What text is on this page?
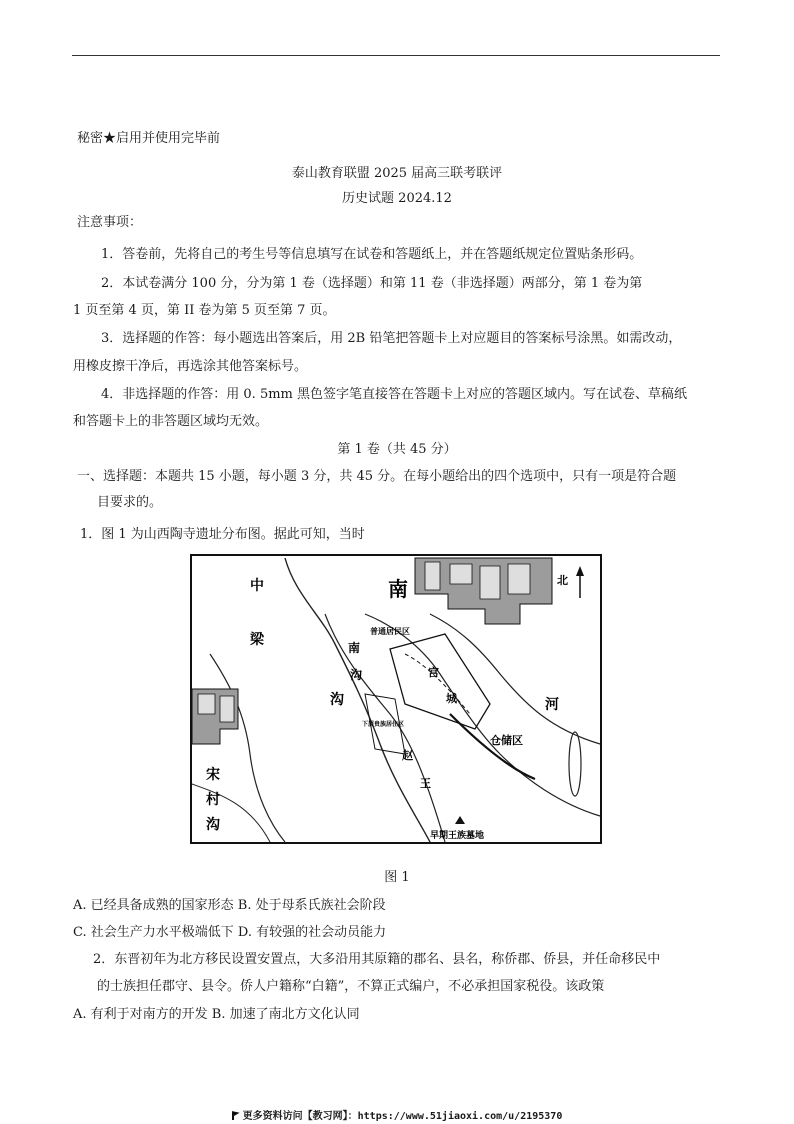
秘密★启用并使用完毕前
泰山教育联盟 2025 届高三联考联评
历史试题 2024.12
注意事项：
1．答卷前，先将自己的考生号等信息填写在试卷和答题纸上，并在答题纸规定位置贴条形码。
2．本试卷满分 100 分，分为第 1 卷（选择题）和第 11 卷（非选择题）两部分，第 1 卷为第
1 页至第 4 页，第 II 卷为第 5 页至第 7 页。
3．选择题的作答：每小题选出答案后，用 2B 铅笔把答题卡上对应题目的答案标号涂黑。如需改动，
用橡皮擦干净后，再选涂其他答案标号。
4．非选择题的作答：用 0. 5mm 黑色签字笔直接答在答题卡上对应的答题区域内。写在试卷、草稿纸
和答题卡上的非答题区域均无效。
第 1 卷（共 45 分）
一、选择题：本题共 15 小题，每小题 3 分，共 45 分。在每小题给出的四个选项中，只有一项是符合题
目要求的。
1．图 1 为山西陶寺遗址分布图。据此可知，当时
北
南
中
梁	南
沟
沟	河
宋
村
沟
赵
王
宫
城
普通居民区
仓储区
下层贵族居住区
早期王族墓地
图 1
A. 已经具备成熟的国家形态 B. 处于母系氏族社会阶段
C. 社会生产力水平极端低下 D. 有较强的社会动员能力
2．东晋初年为北方移民设置安置点，大多沿用其原籍的郡名、县名，称侨郡、侨县，并任命移民中
的士族担任郡守、县令。侨人户籍称“白籍”，不算正式编户，不必承担国家税役。该政策
A. 有利于对南方的开发 B. 加速了南北方文化认同
更多资料访问【教习网】：https://www.51jiaoxi.com/u/2195370
